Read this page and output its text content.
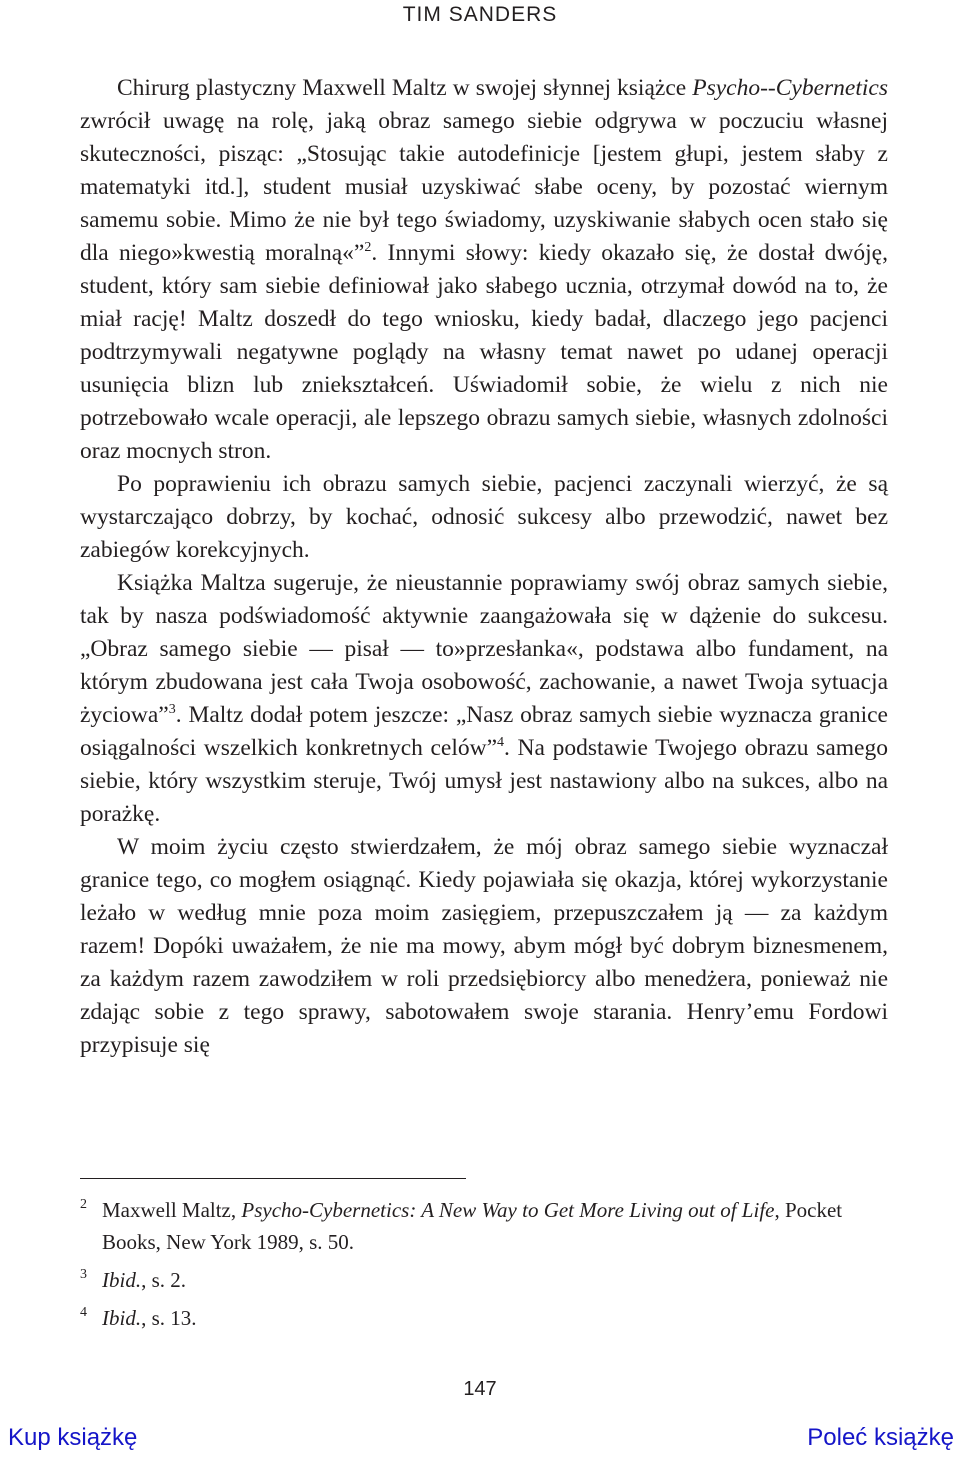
TIM SANDERS

Chirurg plastyczny Maxwell Maltz w swojej słynnej książce Psycho--Cybernetics zwrócił uwagę na rolę, jaką obraz samego siebie odgrywa w poczuciu własnej skuteczności, pisząc: „Stosując takie autodefinicje [jestem głupi, jestem słaby z matematyki itd.], student musiał uzyskiwać słabe oceny, by pozostać wiernym samemu sobie. Mimo że nie był tego świadomy, uzyskiwanie słabych ocen stało się dla niego»kwestią moralną«”$^2$. Innymi słowy: kiedy okazało się, że dostał dwóję, student, który sam siebie definiował jako słabego ucznia, otrzymał dowód na to, że miał rację! Maltz doszedł do tego wniosku, kiedy badał, dlaczego jego pacjenci podtrzymywali negatywne poglądy na własny temat nawet po udanej operacji usunięcia blizn lub zniekształceń. Uświadomił sobie, że wielu z nich nie potrzebowało wcale operacji, ale lepszego obrazu samych siebie, własnych zdolności oraz mocnych stron.

Po poprawieniu ich obrazu samych siebie, pacjenci zaczynali wierzyć, że są wystarczająco dobrzy, by kochać, odnosić sukcesy albo przewodzić, nawet bez zabiegów korekcyjnych.

Książka Maltza sugeruje, że nieustannie poprawiamy swój obraz samych siebie, tak by nasza podświadomość aktywnie zaangażowała się w dążenie do sukcesu. „Obraz samego siebie — pisał — to»przesłanka«, podstawa albo fundament, na którym zbudowana jest cała Twoja osobowość, zachowanie, a nawet Twoja sytuacja życiowa”$^3$. Maltz dodał potem jeszcze: „Nasz obraz samych siebie wyznacza granice osiągalności wszelkich konkretnych celów”$^4$. Na podstawie Twojego obrazu samego siebie, który wszystkim steruje, Twój umysł jest nastawiony albo na sukces, albo na porażkę.

W moim życiu często stwierdzałem, że mój obraz samego siebie wyznaczał granice tego, co mogłem osiągnąć. Kiedy pojawiała się okazja, której wykorzystanie leżało w według mnie poza moim zasięgiem, przepuszczałem ją — za każdym razem! Dopóki uważałem, że nie ma mowy, abym mógł być dobrym biznesmenem, za każdym razem zawodziłem w roli przedsiębiorcy albo menedżera, ponieważ nie zdając sobie z tego sprawy, sabotowałem swoje starania. Henry’emu Fordowi przypisuje się

2 Maxwell Maltz, Psycho-Cybernetics: A New Way to Get More Living out of Life, Pocket Books, New York 1989, s. 50.
3 Ibid., s. 2.
4 Ibid., s. 13.
147
Kup książkę	Poleć książkę
